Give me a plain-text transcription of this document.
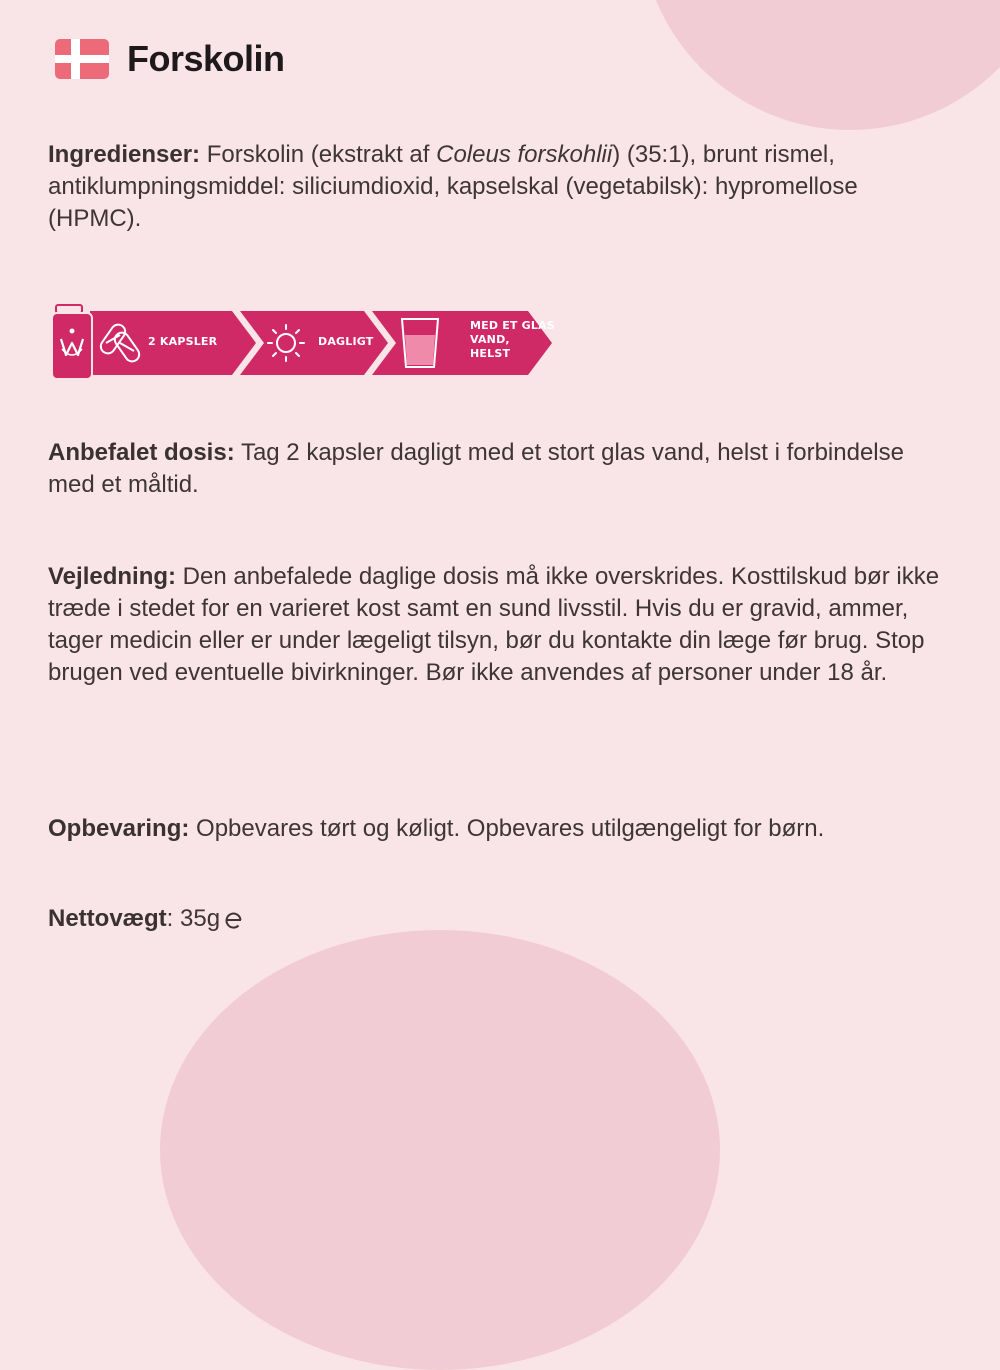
Forskolin

Ingredienser: Forskolin (ekstrakt af Coleus forskohlii) (35:1), brunt rismel, antiklumpningsmiddel: siliciumdioxid, kapselskal (vegetabilsk): hypromellose (HPMC).

2 KAPSLER	DAGLIGT
MED ET GLAS
VAND,
HELST

Anbefalet dosis: Tag 2 kapsler dagligt med et stort glas vand, helst i forbindelse med et måltid.

Vejledning: Den anbefalede daglige dosis må ikke overskrides. Kosttilskud bør ikke træde i stedet for en varieret kost samt en sund livsstil. Hvis du er gravid, ammer, tager medicin eller er under lægeligt tilsyn, bør du kontakte din læge før brug. Stop brugen ved eventuelle bivirkninger. Bør ikke anvendes af personer under 18 år.

Opbevaring: Opbevares tørt og køligt. Opbevares utilgængeligt for børn.

Nettovægt: 35g
